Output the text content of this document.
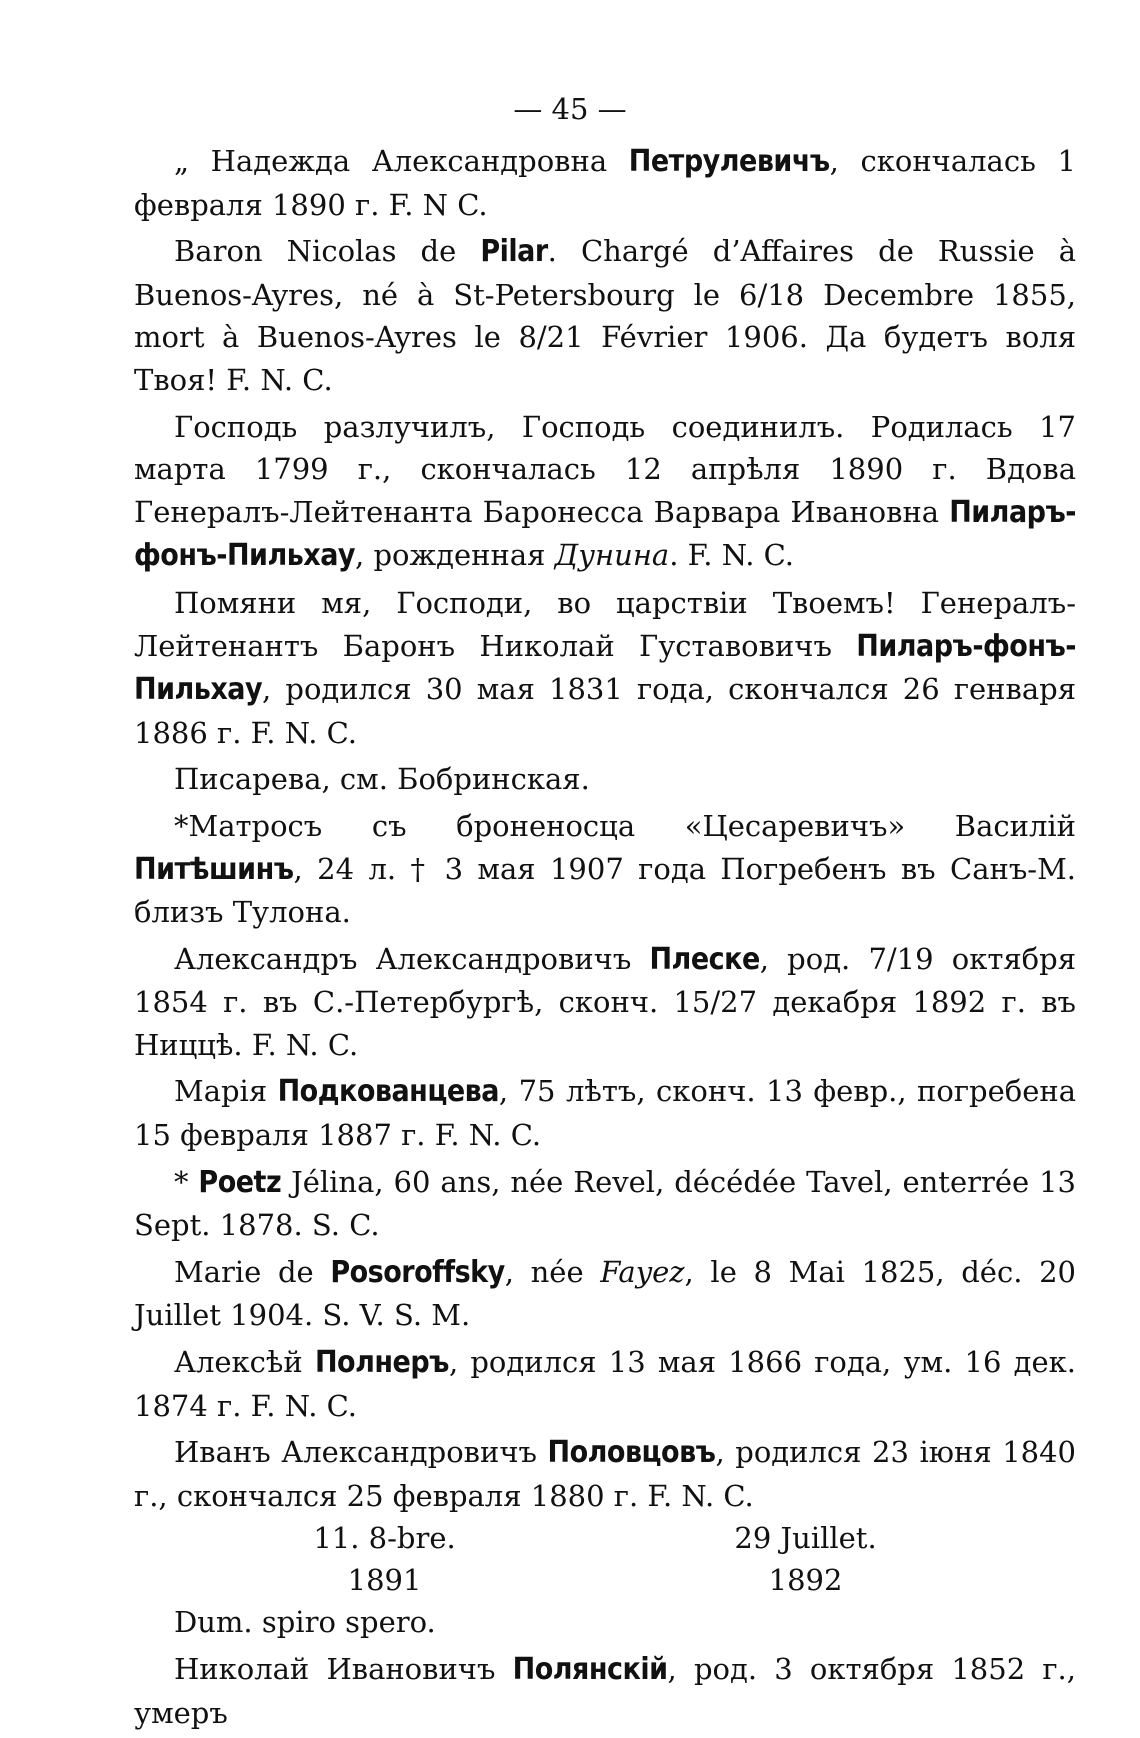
— 45 —

„ Надежда Александровна Петрулевичъ, скончалась 1 февраля 1890 г. F. N C.

Baron Nicolas de Pilar. Chargé d’Affaires de Russie à Buenos-Ayres, né à St-Petersbourg le 6/18 Decembre 1855, mort à Buenos-Ayres le 8/21 Février 1906. Да будетъ воля Твоя! F. N. C.

Господь разлучилъ, Господь соединилъ. Родилась 17 марта 1799 г., скончалась 12 апрѣля 1890 г. Вдова Генералъ-Лейтенанта Баронесса Варвара Ивановна Пиларъ-фонъ-Пильхау, рожденная Дунина. F. N. C.

Помяни мя, Господи, во царствіи Твоемъ! Генералъ-Лейтенантъ Баронъ Николай Густавовичъ Пиларъ-фонъ-Пильхау, родился 30 мая 1831 года, скончался 26 генваря 1886 г. F. N. C.

Писарева, см. Бобринская.

*Матросъ съ броненосца «Цесаревичъ» Василій Питѣшинъ, 24 л. † 3 мая 1907 года Погребенъ въ Санъ-М. близъ Тулона.

Александръ Александровичъ Плеске, род. 7/19 октября 1854 г. въ С.-Петербургѣ, сконч. 15/27 декабря 1892 г. въ Ниццѣ. F. N. C.

Марія Подкованцева, 75 лѣтъ, сконч. 13 февр., погребена 15 февраля 1887 г. F. N. C.

* Poetz Jélina, 60 ans, née Revel, décédée Tavel, enterrée 13 Sept. 1878. S. C.

Marie de Posoroffsky, née Fayez, le 8 Mai 1825, déc. 20 Juillet 1904. S. V. S. M.

Алексѣй Полнеръ, родился 13 мая 1866 года, ум. 16 дек. 1874 г. F. N. C.

Иванъ Александровичъ Половцовъ, родился 23 іюня 1840 г., скончался 25 февраля 1880 г. F. N. C.

11. 8-bre.
1891
29 Juillet.
1892

Dum. spiro spero.

Николай Ивановичъ Полянскій, род. 3 октября 1852 г., умеръ
